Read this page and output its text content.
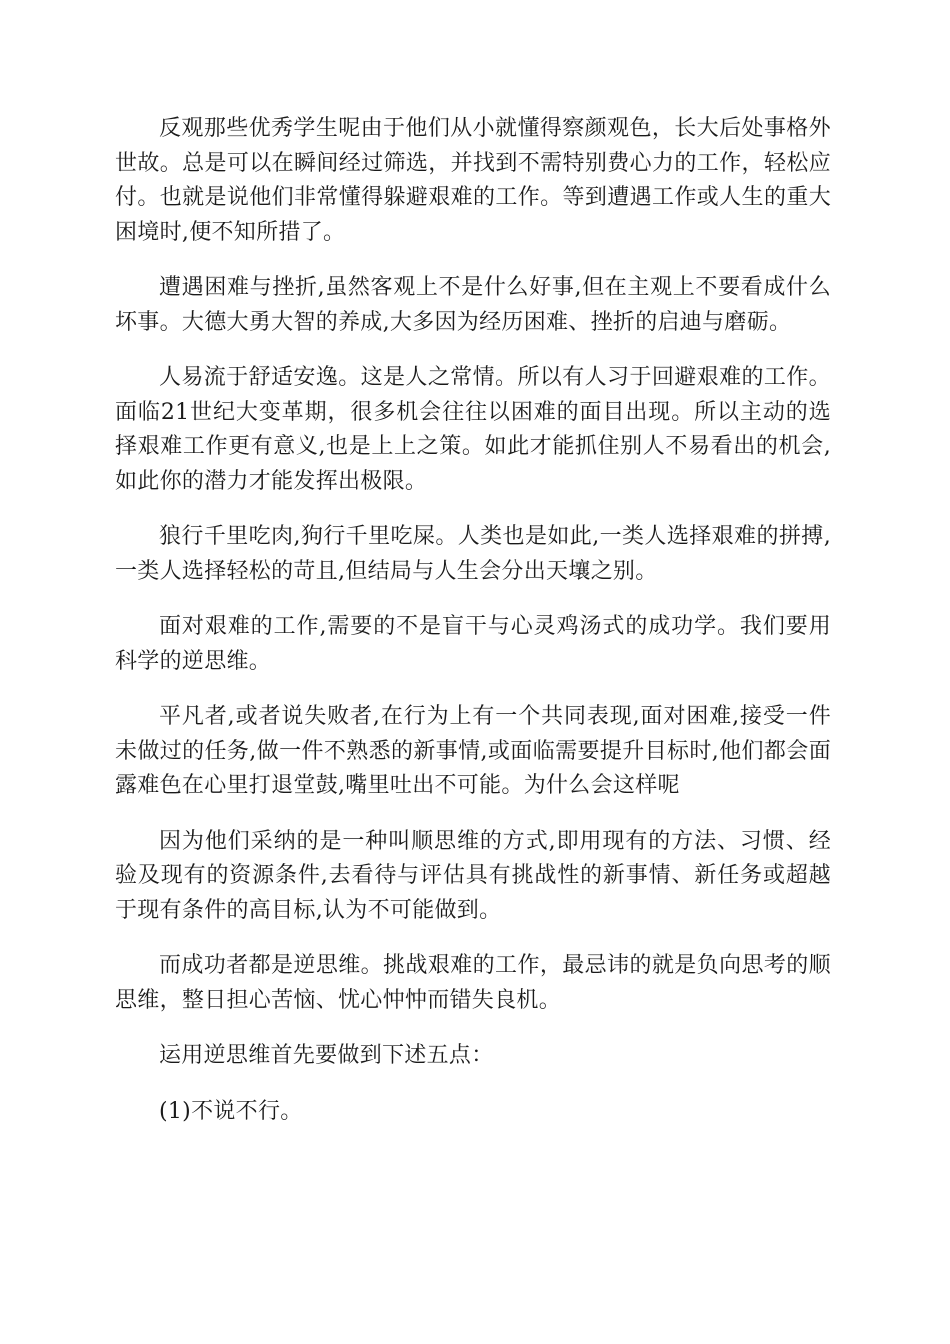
反观那些优秀学生呢由于他们从小就懂得察颜观色，长大后处事格外世故。总是可以在瞬间经过筛选，并找到不需特别费心力的工作，轻松应付。也就是说他们非常懂得躲避艰难的工作。等到遭遇工作或人生的重大困境时,便不知所措了。

遭遇困难与挫折,虽然客观上不是什么好事,但在主观上不要看成什么坏事。大德大勇大智的养成,大多因为经历困难、挫折的启迪与磨砺。

人易流于舒适安逸。这是人之常情。所以有人习于回避艰难的工作。面临21世纪大变革期，很多机会往往以困难的面目出现。所以主动的选择艰难工作更有意义,也是上上之策。如此才能抓住别人不易看出的机会,如此你的潜力才能发挥出极限。

狼行千里吃肉,狗行千里吃屎。人类也是如此,一类人选择艰难的拼搏,一类人选择轻松的苛且,但结局与人生会分出天壤之别。

面对艰难的工作,需要的不是盲干与心灵鸡汤式的成功学。我们要用科学的逆思维。

平凡者,或者说失败者,在行为上有一个共同表现,面对困难,接受一件未做过的任务,做一件不熟悉的新事情,或面临需要提升目标时,他们都会面露难色在心里打退堂鼓,嘴里吐出不可能。为什么会这样呢

因为他们采纳的是一种叫顺思维的方式,即用现有的方法、习惯、经验及现有的资源条件,去看待与评估具有挑战性的新事情、新任务或超越于现有条件的高目标,认为不可能做到。

而成功者都是逆思维。挑战艰难的工作，最忌讳的就是负向思考的顺思维，整日担心苦恼、忧心忡忡而错失良机。

运用逆思维首先要做到下述五点：

(1)不说不行。
